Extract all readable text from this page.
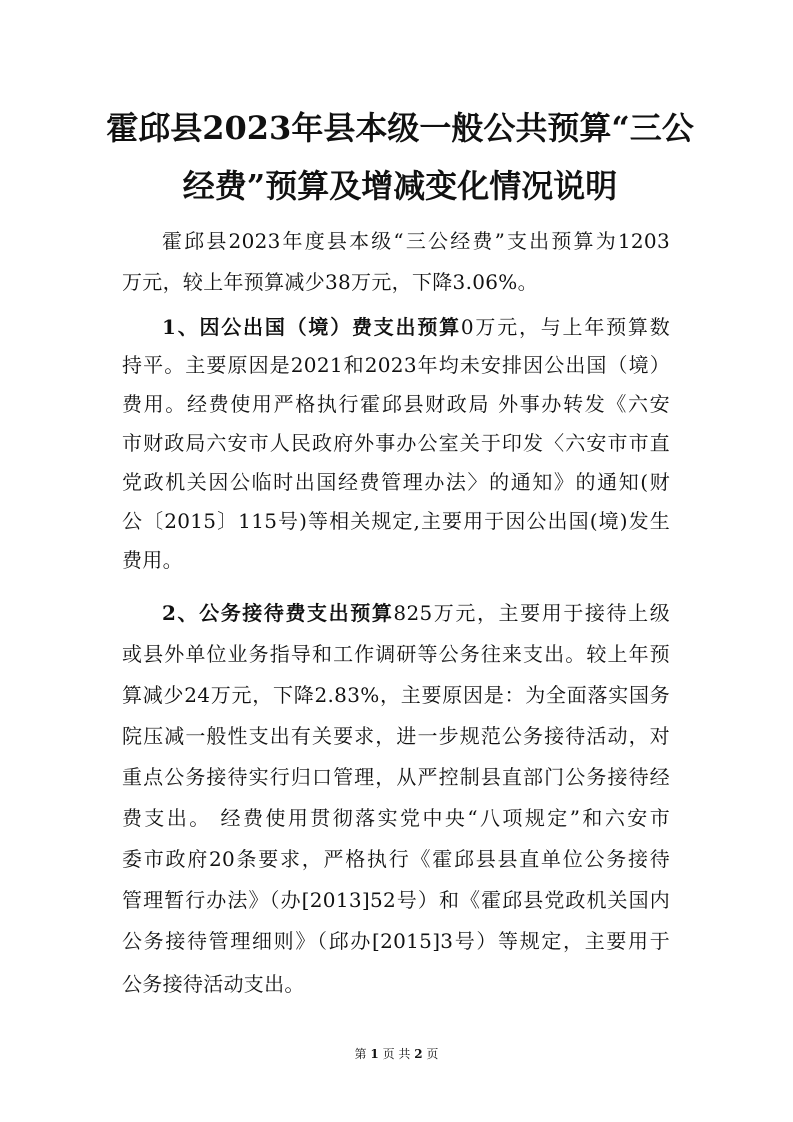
霍邱县2023年县本级一般公共预算“三公
经费”预算及增减变化情况说明

霍邱县2023年度县本级“三公经费”支出预算为1203

万元，较上年预算减少38万元，下降3.06%。

1、因公出国（境）费支出预算0万元，与上年预算数

持平。主要原因是2021和2023年均未安排因公出国（境）

费用。经费使用严格执行霍邱县财政局 外事办转发《六安

市财政局六安市人民政府外事办公室关于印发〈六安市市直

党政机关因公临时出国经费管理办法〉的通知》的通知(财

公〔2015〕115号)等相关规定,主要用于因公出国(境)发生

费用。

2、公务接待费支出预算825万元，主要用于接待上级

或县外单位业务指导和工作调研等公务往来支出。较上年预

算减少24万元，下降2.83%，主要原因是：为全面落实国务

院压减一般性支出有关要求，进一步规范公务接待活动，对

重点公务接待实行归口管理，从严控制县直部门公务接待经

费支出。 经费使用贯彻落实党中央“八项规定”和六安市

委市政府20条要求，严格执行《霍邱县县直单位公务接待

管理暂行办法》（办[2013]52号）和《霍邱县党政机关国内

公务接待管理细则》（邱办[2015]3号）等规定，主要用于

公务接待活动支出。

第 1 页 共 2 页
